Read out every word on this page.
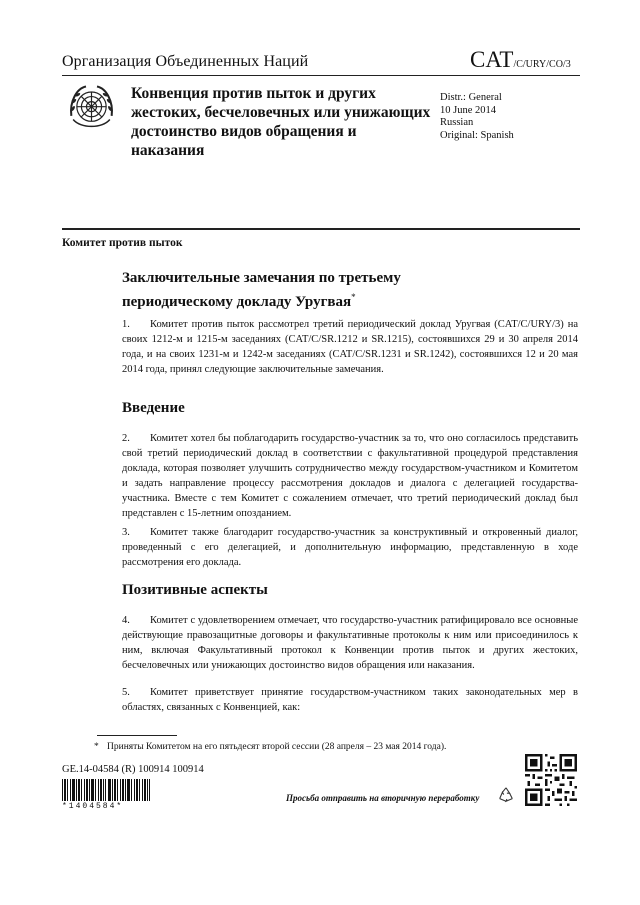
Организация Объединенных Наций	CAT/C/URY/CO/3
Конвенция против пыток и других жестоких, бесчеловечных или унижающих достоинство видов обращения и наказания
Distr.: General
10 June 2014
Russian
Original: Spanish
Комитет против пыток
Заключительные замечания по третьему периодическому докладу Уругвая*
1. Комитет против пыток рассмотрел третий периодический доклад Уругвая (CAT/C/URY/3) на своих 1212-м и 1215-м заседаниях (CAT/C/SR.1212 и SR.1215), состоявшихся 29 и 30 апреля 2014 года, и на своих 1231-м и 1242-м заседаниях (CAT/C/SR.1231 и SR.1242), состоявшихся 12 и 20 мая 2014 года, принял следующие заключительные замечания.
Введение
2. Комитет хотел бы поблагодарить государство-участник за то, что оно согласилось представить свой третий периодический доклад в соответствии с факультативной процедурой представления доклада, которая позволяет улучшить сотрудничество между государством-участником и Комитетом и задать направление процессу рассмотрения докладов и диалога с делегацией государства-участника. Вместе с тем Комитет с сожалением отмечает, что третий периодический доклад был представлен с 15-летним опозданием.
3. Комитет также благодарит государство-участник за конструктивный и откровенный диалог, проведенный с его делегацией, и дополнительную информацию, представленную в ходе рассмотрения его доклада.
Позитивные аспекты
4. Комитет с удовлетворением отмечает, что государство-участник ратифицировало все основные действующие правозащитные договоры и факультативные протоколы к ним или присоединилось к ним, включая Факультативный протокол к Конвенции против пыток и других жестоких, бесчеловечных или унижающих достоинство видов обращения или наказания.
5. Комитет приветствует принятие государством-участником таких законодательных мер в областях, связанных с Конвенцией, как:
* Приняты Комитетом на его пятьдесят второй сессии (28 апреля – 23 мая 2014 года).
GE.14-04584 (R) 100914 100914
*1404584*
Просьба отправить на вторичную переработку
